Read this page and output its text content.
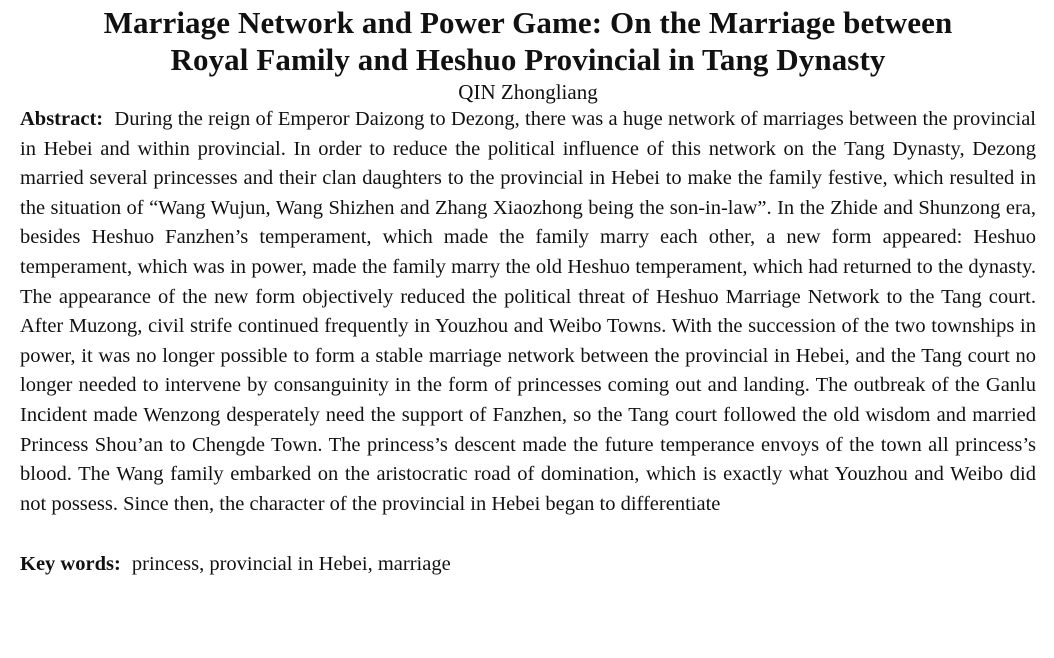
Marriage Network and Power Game: On the Marriage between
Royal Family and Heshuo Provincial in Tang Dynasty
QIN Zhongliang

Abstract: During the reign of Emperor Daizong to Dezong, there was a huge network of marriages between the provincial in Hebei and within provincial. In order to reduce the political influence of this network on the Tang Dynasty, Dezong married several princesses and their clan daughters to the provincial in Hebei to make the family festive, which resulted in the situation of “Wang Wujun, Wang Shizhen and Zhang Xiaozhong being the son-in-law”. In the Zhide and Shunzong era, besides Heshuo Fanzhen’s temperament, which made the family marry each other, a new form appeared: Heshuo temperament, which was in power, made the family marry the old Heshuo temperament, which had returned to the dynasty. The appearance of the new form objectively reduced the political threat of Heshuo Marriage Network to the Tang court. After Muzong, civil strife continued frequently in Youzhou and Weibo Towns. With the succession of the two townships in power, it was no longer possible to form a stable marriage network between the provincial in Hebei, and the Tang court no longer needed to intervene by consanguinity in the form of princesses coming out and landing. The outbreak of the Ganlu Incident made Wenzong desperately need the support of Fanzhen, so the Tang court followed the old wisdom and married Princess Shou’an to Chengde Town. The princess’s descent made the future temperance envoys of the town all princess’s blood. The Wang family embarked on the aristocratic road of domination, which is exactly what Youzhou and Weibo did not possess. Since then, the character of the provincial in Hebei began to differentiate

Key words: princess, provincial in Hebei, marriage
